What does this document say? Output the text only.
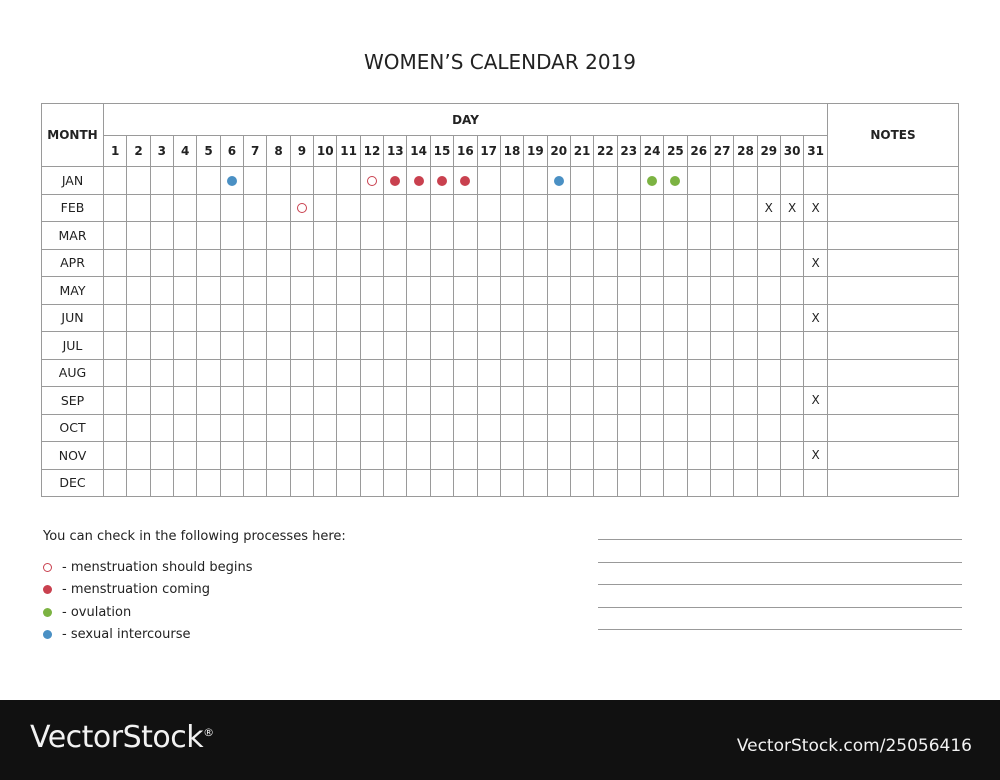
WOMEN’S CALENDAR 2019
MONTH	DAY																															NOTES
	1	2	3	4	5	6	7	8	9	10	11	12	13	14	15	16	17	18	19	20	21	22	23	24	25	26	27	28	29	30	31	
JAN																																
FEB																													X	X	X	
MAR																																
APR																															X	
MAY																																
JUN																															X	
JUL																																
AUG																																
SEP																															X	
OCT																																
NOV																															X	
DEC																																
You can check in the following processes here:
- menstruation should begins
- menstruation coming
- ovulation
- sexual intercourse
VectorStock®
VectorStock.com/25056416
